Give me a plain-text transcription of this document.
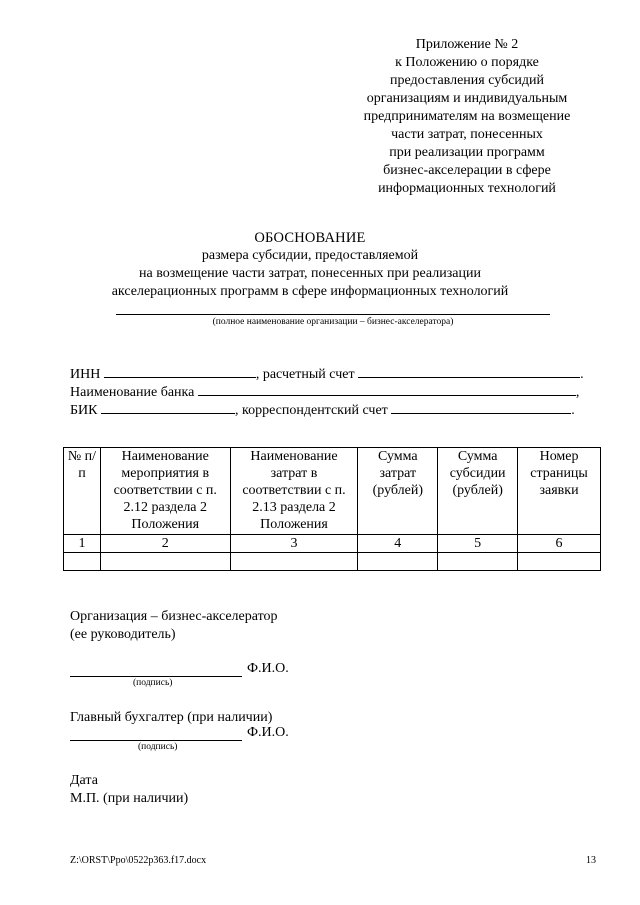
Приложение № 2
к Положению о порядке
предоставления субсидий
организациям и индивидуальным
предпринимателям на возмещение
части затрат, понесенных
при реализации программ
бизнес-акселерации в сфере
информационных технологий
ОБОСНОВАНИЕ
размера субсидии, предоставляемой
на возмещение части затрат, понесенных при реализации
акселерационных программ в сфере информационных технологий
(полное наименование организации – бизнес-акселератора)
ИНН	, расчетный счет	.
Наименование банка	,
БИК	, корреспондентский счет	.
№ п/п	Наименование мероприятия в соответствии с п. 2.12 раздела 2 Положения	Наименование затрат в соответствии с п. 2.13 раздела 2 Положения	Сумма затрат (рублей)	Сумма субсидии (рублей)	Номер страницы заявки
1	2	3	4	5	6

Организация – бизнес-акселератор
(ее руководитель)
Ф.И.О.
(подпись)
Главный бухгалтер (при наличии)
Ф.И.О.
(подпись)
Дата
М.П. (при наличии)
Z:\ORST\Ppo\0522p363.f17.docx	13
